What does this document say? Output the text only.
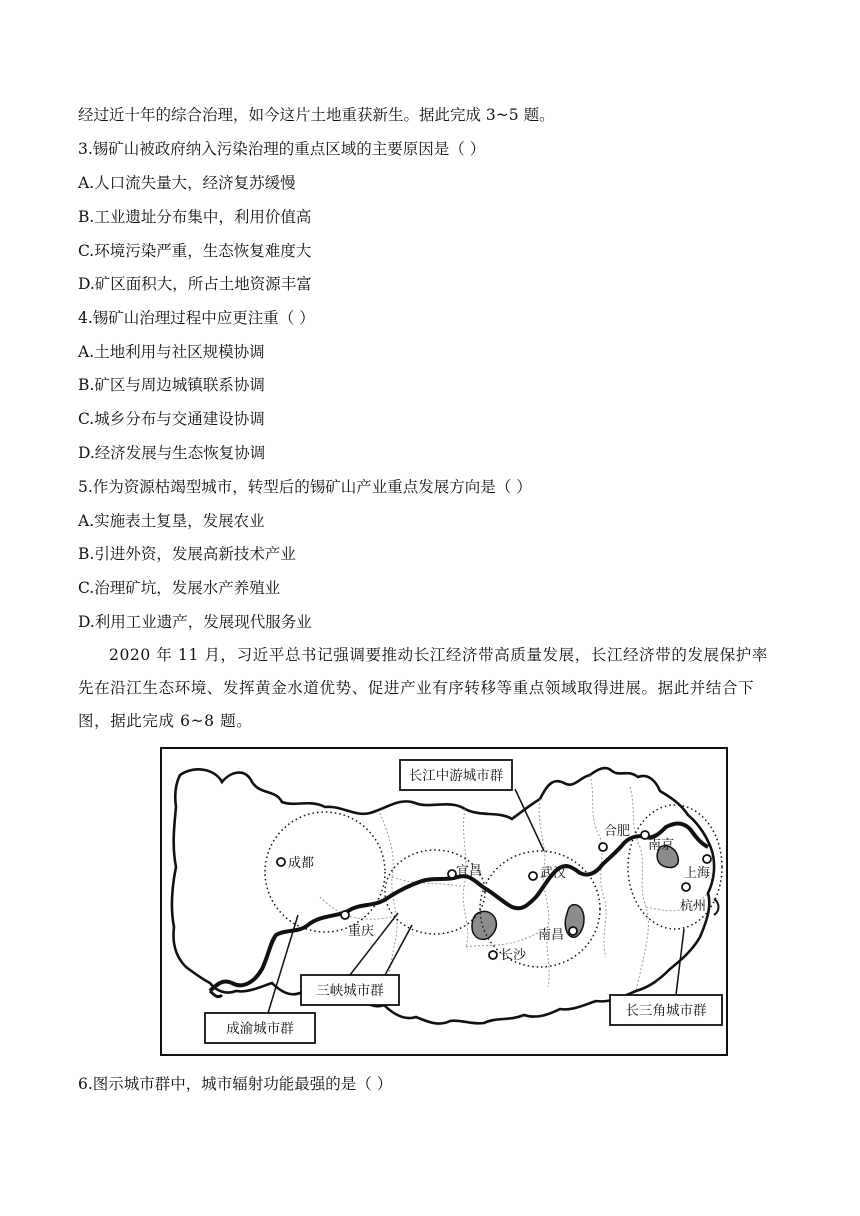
经过近十年的综合治理，如今这片土地重获新生。据此完成 3~5 题。
3.锡矿山被政府纳入污染治理的重点区域的主要原因是（ ）
A.人口流失量大，经济复苏缓慢
B.工业遗址分布集中，利用价值高
C.环境污染严重，生态恢复难度大
D.矿区面积大，所占土地资源丰富
4.锡矿山治理过程中应更注重（ ）
A.土地利用与社区规模协调
B.矿区与周边城镇联系协调
C.城乡分布与交通建设协调
D.经济发展与生态恢复协调
5.作为资源枯竭型城市，转型后的锡矿山产业重点发展方向是（ ）
A.实施表土复垦，发展农业
B.引进外资，发展高新技术产业
C.治理矿坑，发展水产养殖业
D.利用工业遗产，发展现代服务业
2020 年 11 月，习近平总书记强调要推动长江经济带高质量发展，长江经济带的发展保护率先在沿江生态环境、发挥黄金水道优势、促进产业有序转移等重点领域取得进展。据此并结合下图，据此完成 6~8 题。
成都
重庆
宜昌	武汉
长沙
南昌
合肥
南京
上海
杭州
长江中游城市群
三峡城市群
成渝城市群
长三角城市群
6.图示城市群中，城市辐射功能最强的是（ ）
